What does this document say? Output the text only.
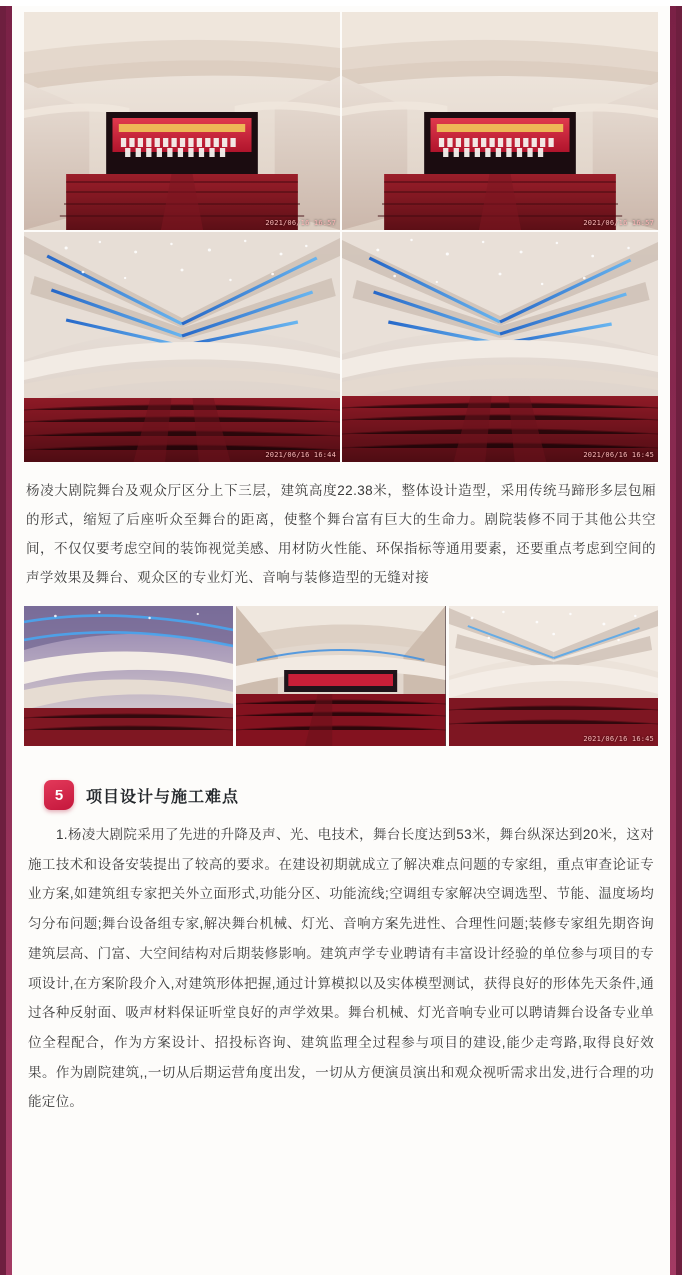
2021/06/16 16:57	2021/06/16 16:57
2021/06/16 16:44	2021/06/16 16:45

杨凌大剧院舞台及观众厅区分上下三层，建筑高度22.38米，整体设计造型，采用传统马蹄形多层包厢的形式，缩短了后座听众至舞台的距离，使整个舞台富有巨大的生命力。剧院装修不同于其他公共空间，不仅仅要考虑空间的装饰视觉美感、用材防火性能、环保指标等通用要素，还要重点考虑到空间的声学效果及舞台、观众区的专业灯光、音响与装修造型的无缝对接

2021/06/16 16:45
5	项目设计与施工难点

1.杨凌大剧院采用了先进的升降及声、光、电技术，舞台长度达到53米，舞台纵深达到20米，这对施工技术和设备安装提出了较高的要求。在建设初期就成立了解决难点问题的专家组，重点审查论证专业方案,如建筑组专家把关外立面形式,功能分区、功能流线;空调组专家解决空调选型、节能、温度场均匀分布问题;舞台设备组专家,解决舞台机械、灯光、音响方案先进性、合理性问题;装修专家组先期咨询建筑层高、门富、大空间结构对后期装修影响。建筑声学专业聘请有丰富设计经验的单位参与项目的专项设计,在方案阶段介入,对建筑形体把握,通过计算模拟以及实体模型测试，获得良好的形体先天条件,通过各种反射面、吸声材料保证听堂良好的声学效果。舞台机械、灯光音响专业可以聘请舞台设备专业单位全程配合，作为方案设计、招投标咨询、建筑监理全过程参与项目的建设,能少走弯路,取得良好效果。作为剧院建筑,,一切从后期运营角度出发，一切从方便演员演出和观众视听需求出发,进行合理的功能定位。
